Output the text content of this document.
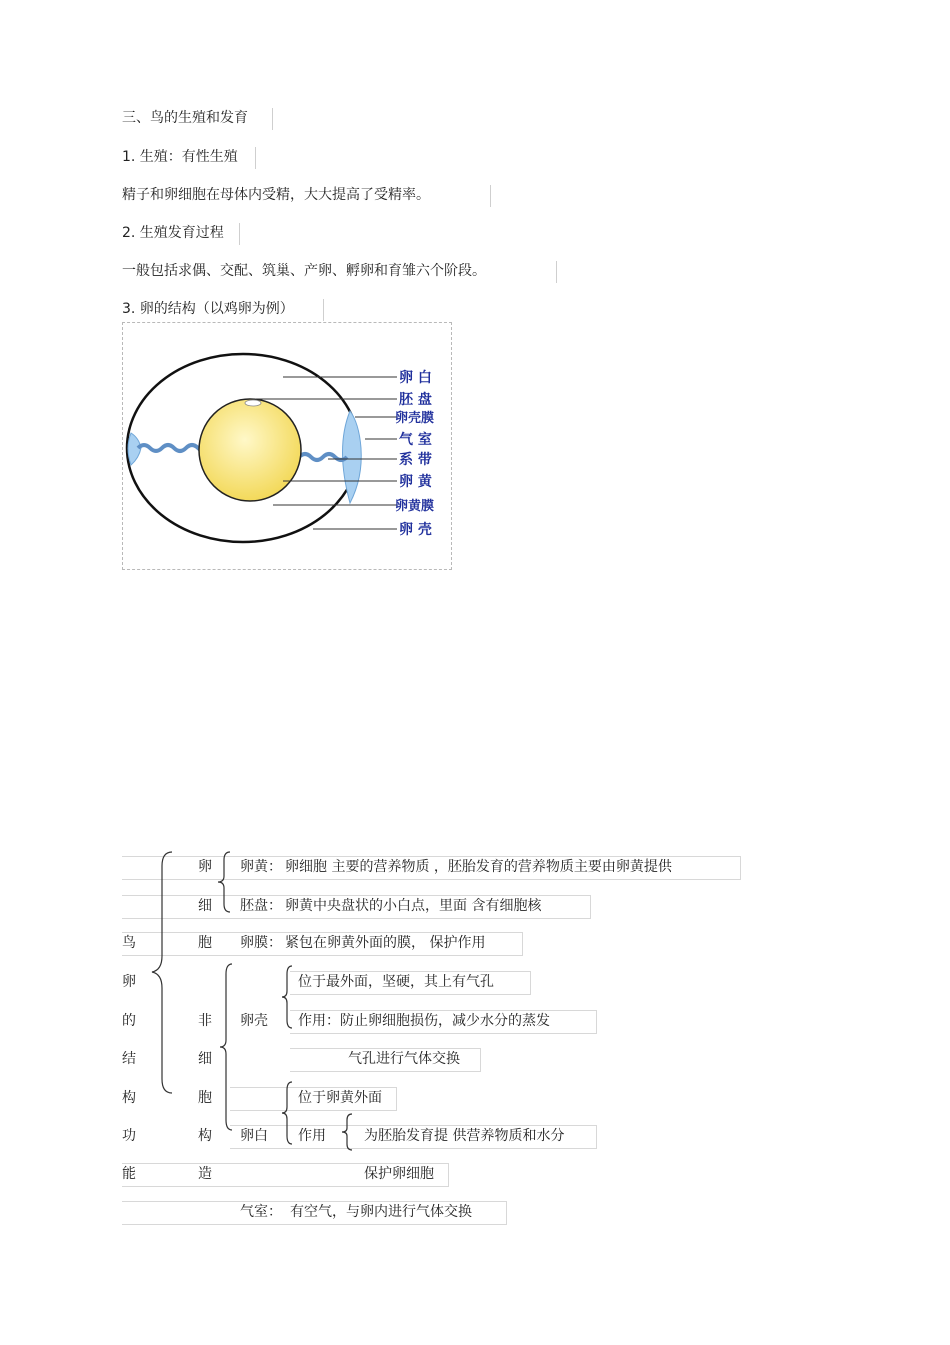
三、鸟的生殖和发育
1. 生殖：有性生殖
精子和卵细胞在母体内受精，大大提高了受精率。
2. 生殖发育过程
一般包括求偶、交配、筑巢、产卵、孵卵和育雏六个阶段。
3. 卵的结构（以鸡卵为例）
卵 白
胚 盘
卵壳膜
气 室
系 带
卵 黄
卵黄膜
卵 壳
鸟
卵
的
结
构
功
能
卵
细
胞
非
细
胞
构
造
卵黄： 卵细胞 主要的营养物质 ，胚胎发育的营养物质主要由卵黄提供
胚盘： 卵黄中央盘状的小白点，里面 含有细胞核
卵膜： 紧包在卵黄外面的膜， 保护作用
卵壳
位于最外面，坚硬，其上有气孔
作用：防止卵细胞损伤，减少水分的蒸发
气孔进行气体交换
卵白
位于卵黄外面
作用	为胚胎发育提 供营养物质和水分
保护卵细胞
气室： 有空气，与卵内进行气体交换
